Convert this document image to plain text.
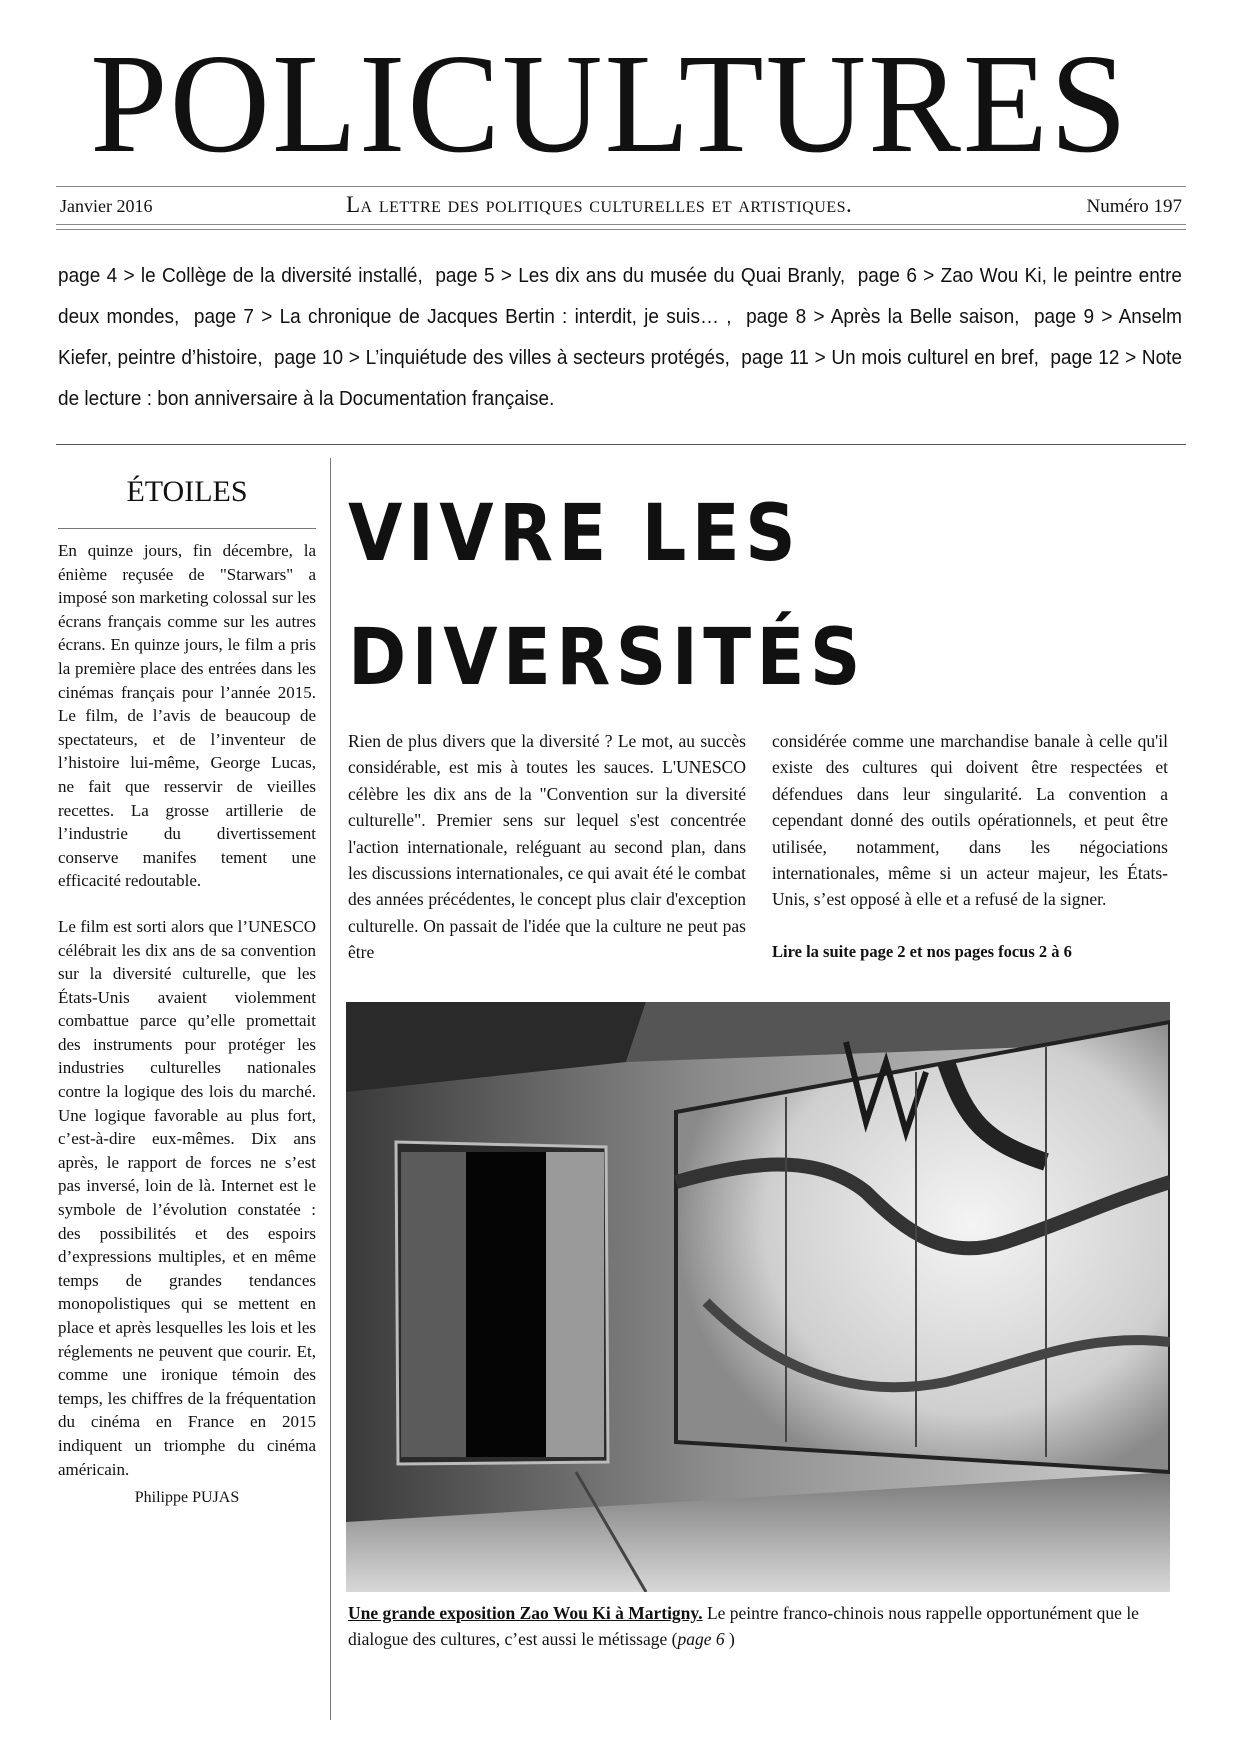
POLICULTURES
Janvier 2016	La lettre des politiques culturelles et artistiques.	Numéro 197
page 4 > le Collège de la diversité installé, page 5 > Les dix ans du musée du Quai Branly, page 6 > Zao Wou Ki, le peintre entre deux mondes, page 7 > La chronique de Jacques Bertin : interdit, je suis… , page 8 > Après la Belle saison, page 9 > Anselm Kiefer, peintre d’histoire, page 10 > L’inquiétude des villes à secteurs protégés, page 11 > Un mois culturel en bref, page 12 > Note de lecture : bon anniversaire à la Documentation française.
ÉTOILES

En quinze jours, fin décembre, la énième reçusée de "Starwars" a imposé son marketing colossal sur les écrans français comme sur les autres écrans. En quinze jours, le film a pris la première place des entrées dans les cinémas français pour l’année 2015. Le film, de l’avis de beaucoup de spectateurs, et de l’inventeur de l’histoire lui-même, George Lucas, ne fait que resservir de vieilles recettes. La grosse artillerie de l’industrie du divertissement conserve manifes tement une efficacité redoutable.

Le film est sorti alors que l’UNESCO célébrait les dix ans de sa convention sur la diversité culturelle, que les États-Unis avaient violemment combattue parce qu’elle promettait des instruments pour protéger les industries culturelles nationales contre la logique des lois du marché. Une logique favorable au plus fort, c’est-à-dire eux-mêmes. Dix ans après, le rapport de forces ne s’est pas inversé, loin de là. Internet est le symbole de l’évolution constatée : des possibilités et des espoirs d’expressions multiples, et en même temps de grandes tendances monopolistiques qui se mettent en place et après lesquelles les lois et les réglements ne peuvent que courir. Et, comme une ironique témoin des temps, les chiffres de la fréquentation du cinéma en France en 2015 indiquent un triomphe du cinéma américain.

Philippe PUJAS
VIVRE LES
DIVERSITÉS

Rien de plus divers que la diversité ? Le mot, au succès considérable, est mis à toutes les sauces. L'UNESCO célèbre les dix ans de la "Convention sur la diversité culturelle". Premier sens sur lequel s'est concentrée l'action internationale, reléguant au second plan, dans les discussions internationales, ce qui avait été le combat des années précédentes, le concept plus clair d'exception culturelle. On passait de l'idée que la culture ne peut pas être

considérée comme une marchandise banale à celle qu'il existe des cultures qui doivent être respectées et défendues dans leur singularité. La convention a cependant donné des outils opérationnels, et peut être utilisée, notamment, dans les négociations internationales, même si un acteur majeur, les États-Unis, s’est opposé à elle et a refusé de la signer.

Lire la suite page 2 et nos pages focus 2 à 6

Une grande exposition Zao Wou Ki à Martigny. Le peintre franco-chinois nous rappelle opportunément que le dialogue des cultures, c’est aussi le métissage (page 6 )
